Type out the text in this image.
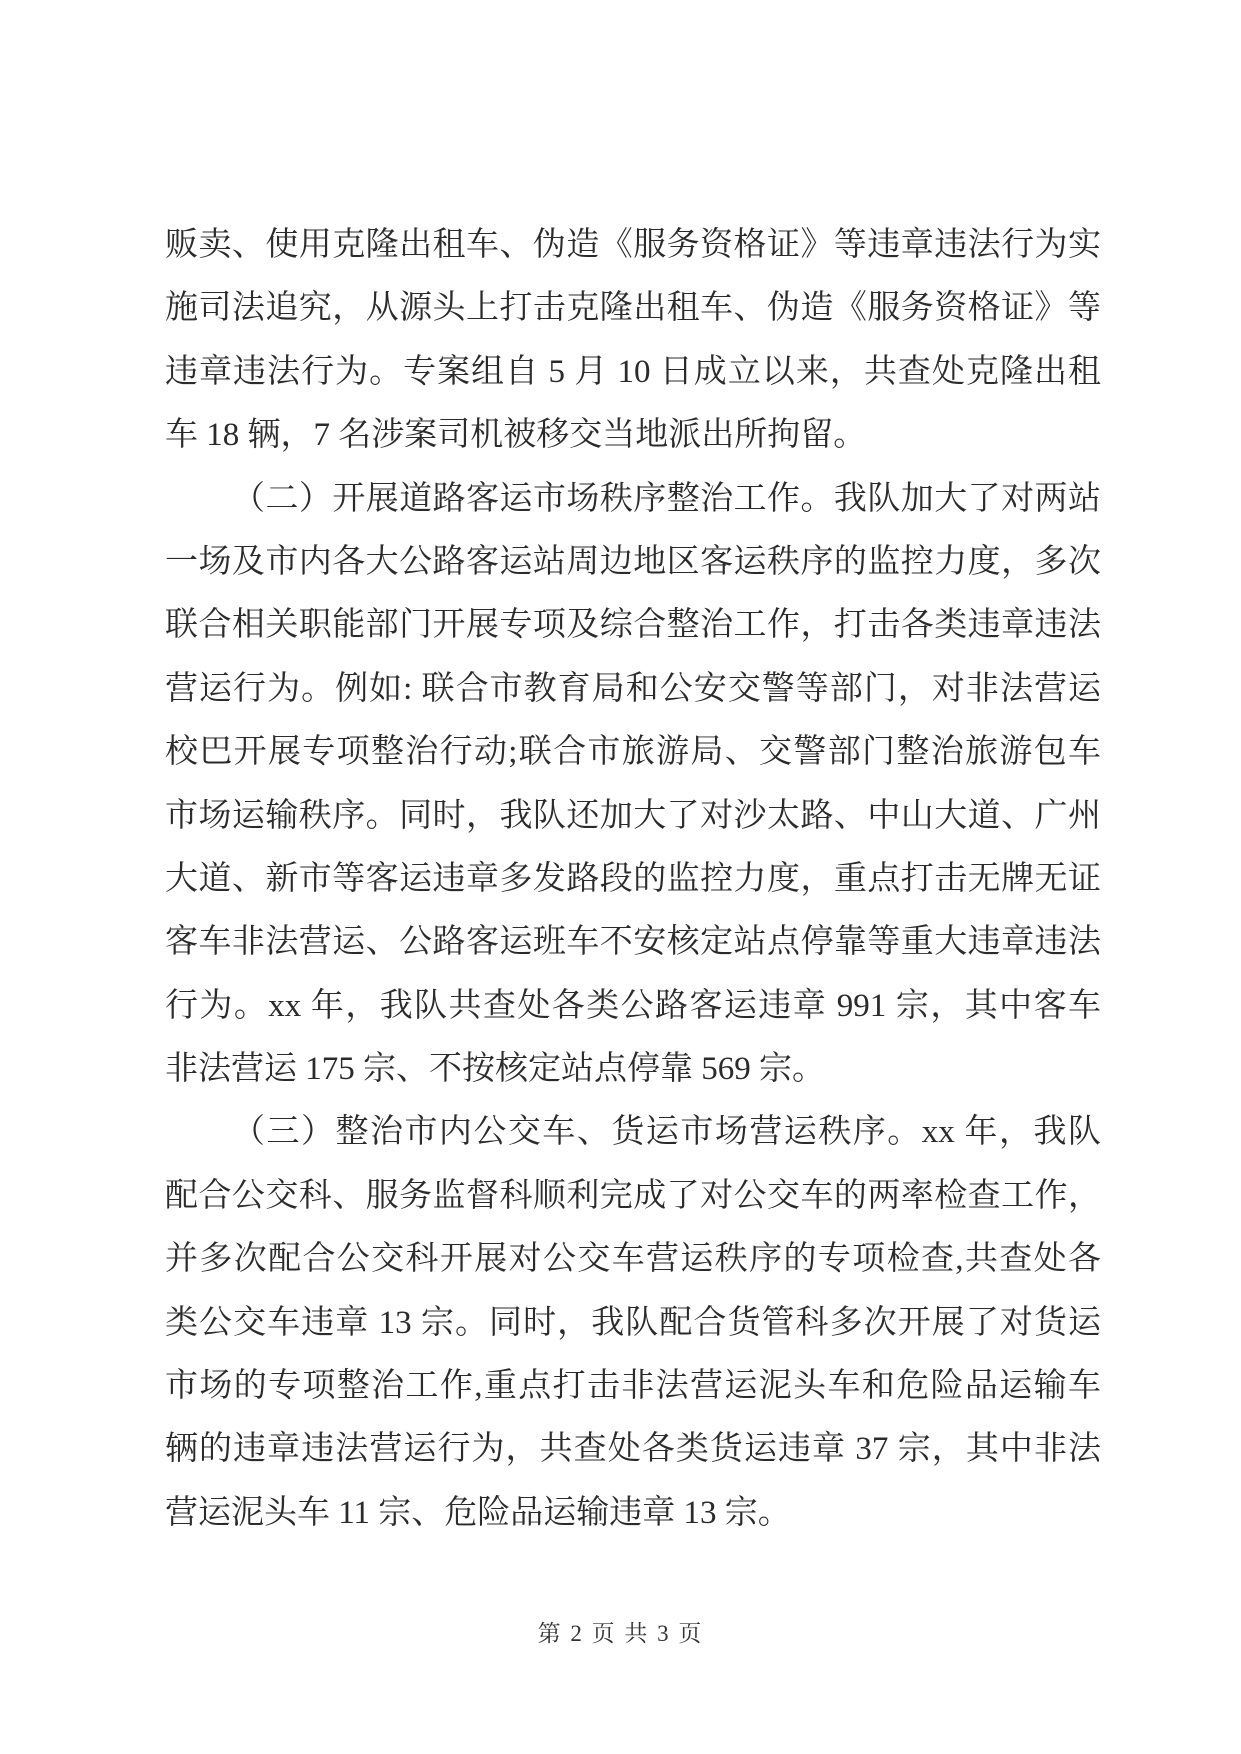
贩卖、使用克隆出租车、伪造《服务资格证》等违章违法行为实
施司法追究，从源头上打击克隆出租车、伪造《服务资格证》等
违章违法行为。专案组自 5 月 10 日成立以来，共查处克隆出租
车 18 辆，7 名涉案司机被移交当地派出所拘留。
（二）开展道路客运市场秩序整治工作。我队加大了对两站
一场及市内各大公路客运站周边地区客运秩序的监控力度，多次
联合相关职能部门开展专项及综合整治工作，打击各类违章违法
营运行为。例如: 联合市教育局和公安交警等部门，对非法营运
校巴开展专项整治行动;联合市旅游局、交警部门整治旅游包车
市场运输秩序。同时，我队还加大了对沙太路、中山大道、广州
大道、新市等客运违章多发路段的监控力度，重点打击无牌无证
客车非法营运、公路客运班车不安核定站点停靠等重大违章违法
行为。xx 年，我队共查处各类公路客运违章 991 宗，其中客车
非法营运 175 宗、不按核定站点停靠 569 宗。
（三）整治市内公交车、货运市场营运秩序。xx 年，我队
配合公交科、服务监督科顺利完成了对公交车的两率检查工作，
并多次配合公交科开展对公交车营运秩序的专项检查,共查处各
类公交车违章 13 宗。同时，我队配合货管科多次开展了对货运
市场的专项整治工作,重点打击非法营运泥头车和危险品运输车
辆的违章违法营运行为，共查处各类货运违章 37 宗，其中非法
营运泥头车 11 宗、危险品运输违章 13 宗。
第 2 页 共 3 页
